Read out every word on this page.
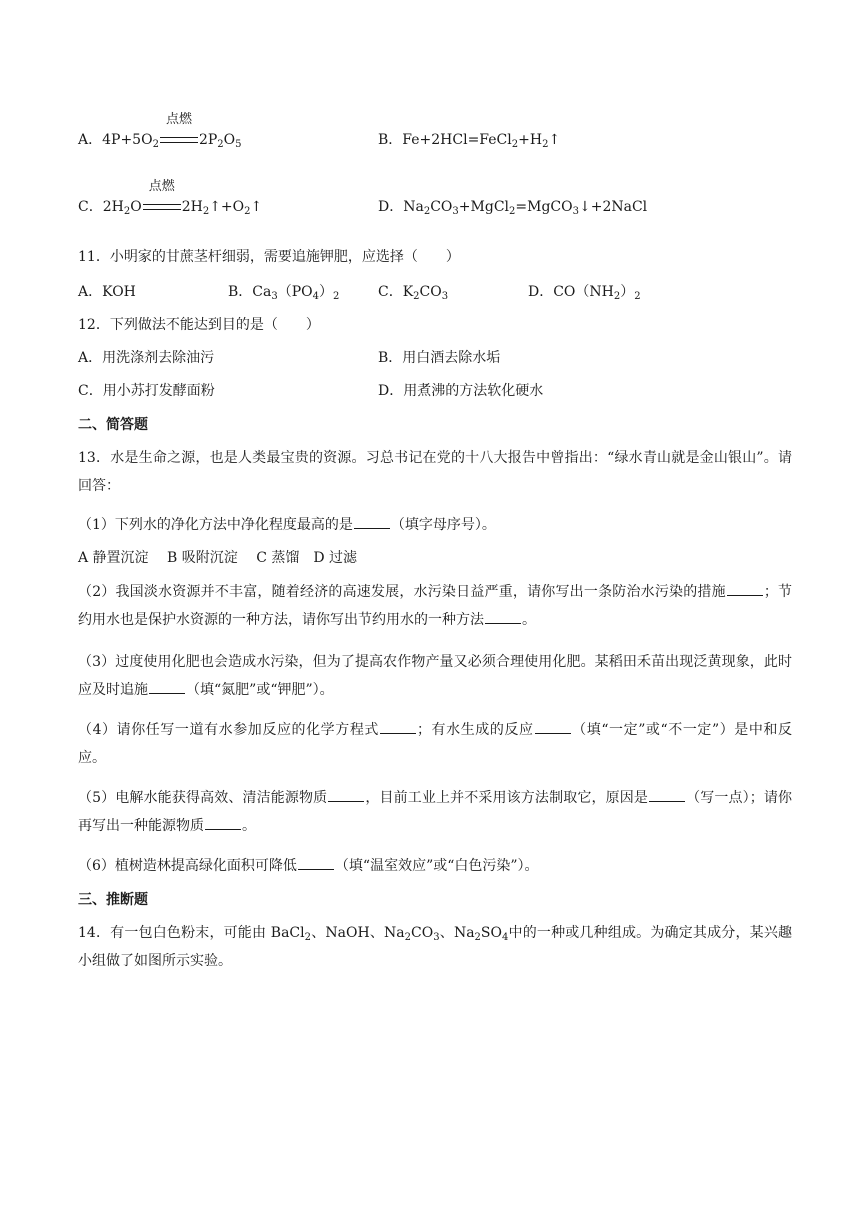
A．$4P+5O_2$
点燃
$2P_2O_5$	B．$Fe+2HCl=FeCl_2+H_2↑$
C．$2H_2O$
点燃
$2H_2↑+O_2↑$	D．$Na_2CO_3+MgCl_2=MgCO_3↓+2NaCl$
11．小明家的甘蔗茎杆细弱，需要追施钾肥，应选择（　　）
A．KOH	B．$Ca_3(PO_4)_2$	C．$K_2CO_3$	D．$CO(NH_2)_2$
12．下列做法不能达到目的是（　　）
A．用洗涤剂去除油污	B．用白酒去除水垢
C．用小苏打发酵面粉	D．用煮沸的方法软化硬水
二、简答题
13．水是生命之源，也是人类最宝贵的资源。习总书记在党的十八大报告中曾指出：“绿水青山就是金山银山”。请回答：
（1）下列水的净化方法中净化程度最高的是	（填字母序号）。
A 静置沉淀　 B 吸附沉淀　 C 蒸馏　D 过滤
（2）我国淡水资源并不丰富，随着经济的高速发展，水污染日益严重，请你写出一条防治水污染的措施	；节约用水也是保护水资源的一种方法，请你写出节约用水的一种方法	。
（3）过度使用化肥也会造成水污染，但为了提高农作物产量又必须合理使用化肥。某稻田禾苗出现泛黄现象，此时应及时追施	（填“氮肥”或“钾肥”）。
（4）请你任写一道有水参加反应的化学方程式	；有水生成的反应	（填“一定”或“不一定”）是中和反应。
（5）电解水能获得高效、清洁能源物质	，目前工业上并不采用该方法制取它，原因是	（写一点）；请你再写出一种能源物质	。
（6）植树造林提高绿化面积可降低	（填“温室效应”或“白色污染”）。
三、推断题
14．有一包白色粉末，可能由 BaCl$_2$、NaOH、$Na_2CO_3$、$Na_2SO_4$中的一种或几种组成。为确定其成分，某兴趣小组做了如图所示实验。
